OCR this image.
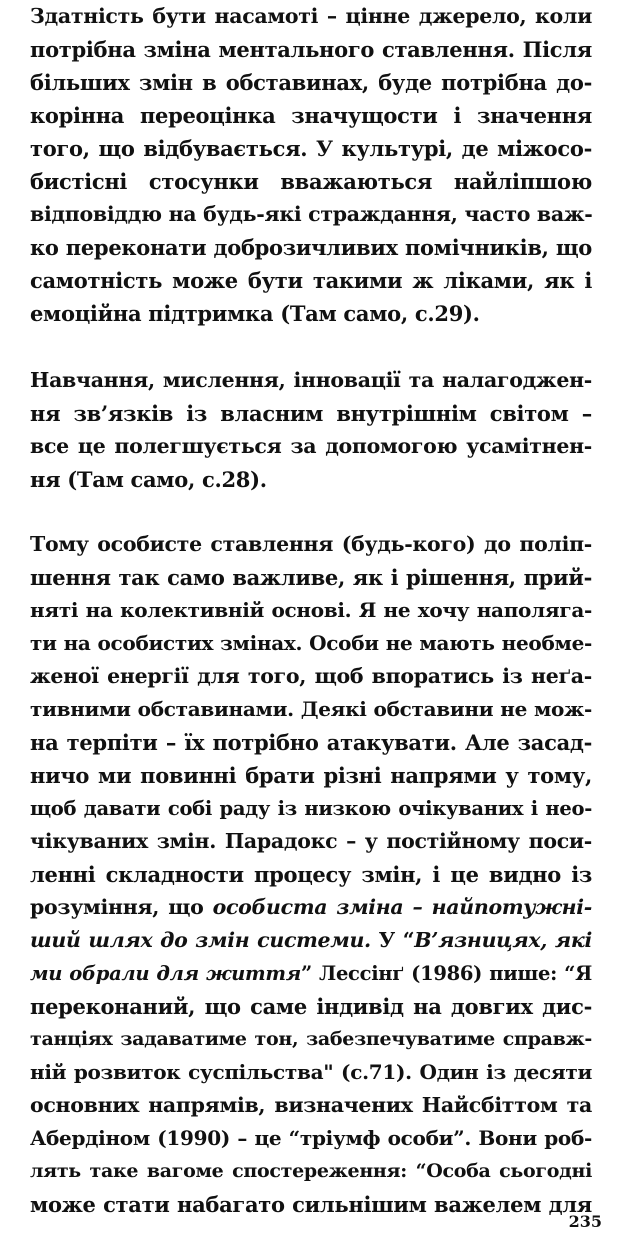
Здатність бути насамоті – цінне джерело, коли
потрібна зміна ментального ставлення. Після
більших змін в обставинах, буде потрібна до-
корінна переоцінка значущости і значення
того, що відбувається. У культурі, де міжосо-
бистісні стосунки вважаються найліпшою
відповіддю на будь-які страждання, часто важ-
ко переконати доброзичливих помічників, що
самотність може бути такими ж ліками, як і
емоційна підтримка (Там само, с.29).
Навчання, мислення, інновації та налагоджен-
ня зв’язків із власним внутрішнім світом –
все це полегшується за допомогою усамітнен-
ня (Там само, с.28).
Тому особисте ставлення (будь-кого) до поліп-
шення так само важливе, як і рішення, прий-
няті на колективній основі. Я не хочу наполяга-
ти на особистих змінах. Особи не мають необме-
женої енергії для того, щоб впоратись із неґа-
тивними обставинами. Деякі обставини не мож-
на терпіти – їх потрібно атакувати. Але засад-
ничо ми повинні брати різні напрями у тому,
щоб давати собі раду із низкою очікуваних і нео-
чікуваних змін. Парадокс – у постійному поси-
ленні складности процесу змін, і це видно із
розуміння, що особиста зміна – найпотужні-
ший шлях до змін системи. У “В’язницях, які
ми обрали для життя” Лессінґ (1986) пише: “Я
переконаний, що саме індивід на довгих дис-
танціях задаватиме тон, забезпечуватиме справж-
ній розвиток суспільства" (с.71). Один із десяти
основних напрямів, визначених Найсбіттом та
Абердіном (1990) – це “тріумф особи”. Вони роб-
лять таке вагоме спостереження: “Особа сьогодні
може стати набагато сильнішим важелем для
235
